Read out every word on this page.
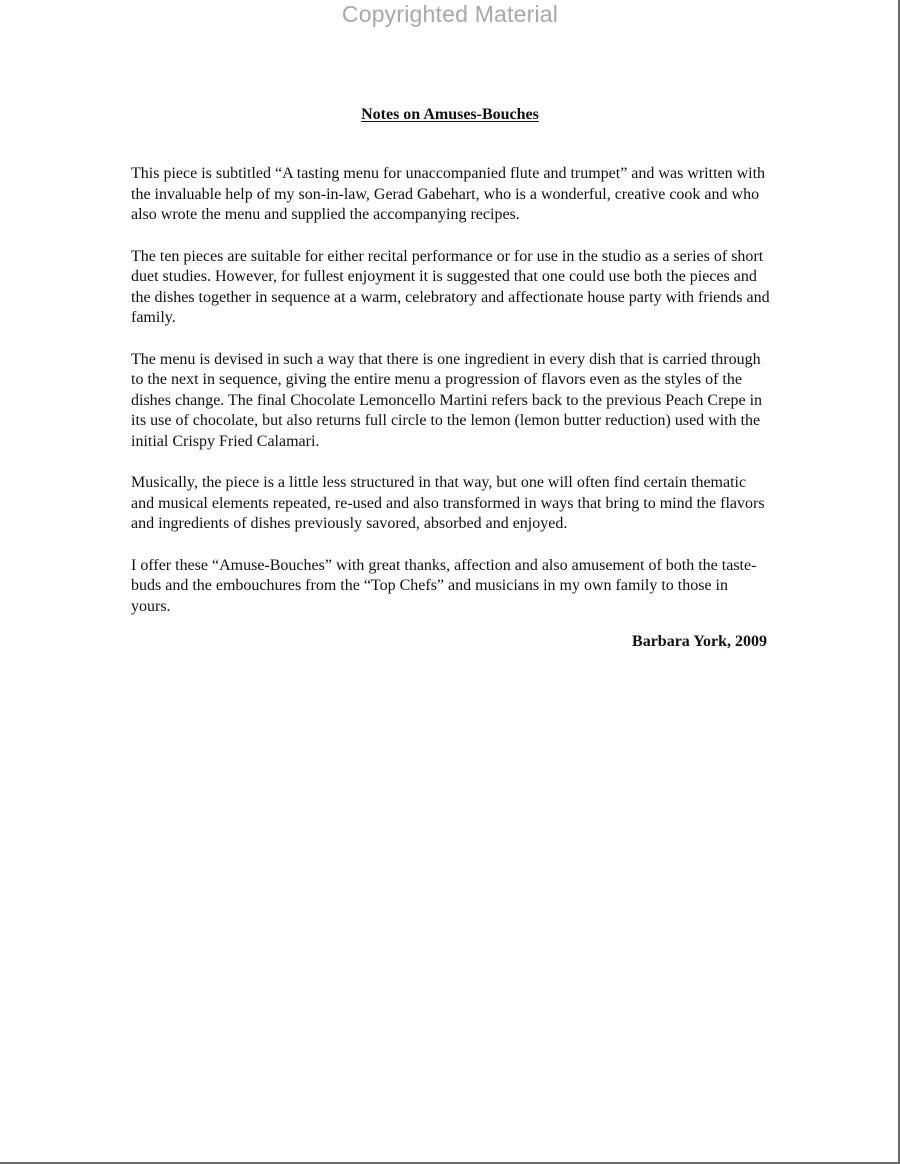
Copyrighted Material
Notes on Amuses-Bouches

This piece is subtitled “A tasting menu for unaccompanied flute and trumpet” and was written with the invaluable help of my son-in-law, Gerad Gabehart, who is a wonderful, creative cook and who also wrote the menu and supplied the accompanying recipes.

The ten pieces are suitable for either recital performance or for use in the studio as a series of short duet studies. However, for fullest enjoyment it is suggested that one could use both the pieces and the dishes together in sequence at a warm, celebratory and affectionate house party with friends and family.

The menu is devised in such a way that there is one ingredient in every dish that is carried through to the next in sequence, giving the entire menu a progression of flavors even as the styles of the dishes change. The final Chocolate Lemoncello Martini refers back to the previous Peach Crepe in its use of chocolate, but also returns full circle to the lemon (lemon butter reduction) used with the initial Crispy Fried Calamari.

Musically, the piece is a little less structured in that way, but one will often find certain thematic and musical elements repeated, re-used and also transformed in ways that bring to mind the flavors and ingredients of dishes previously savored, absorbed and enjoyed.

I offer these “Amuse-Bouches” with great thanks, affection and also amusement of both the taste-buds and the embouchures from the “Top Chefs” and musicians in my own family to those in yours.

Barbara York, 2009
